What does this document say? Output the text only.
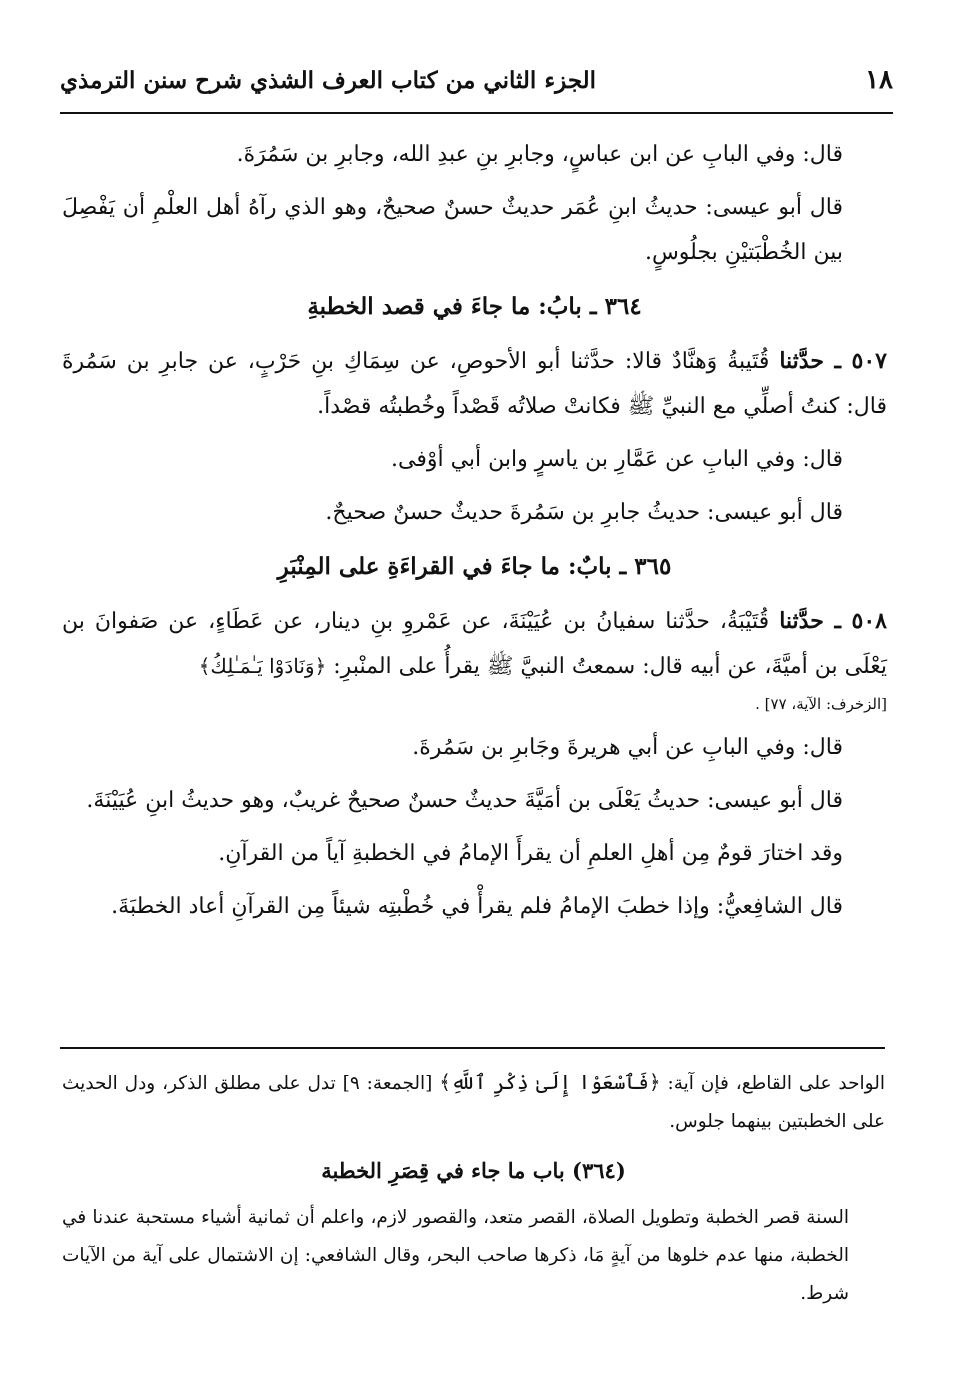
١٨
الجزء الثاني من كتاب العرف الشذي شرح سنن الترمذي

قال: وفي البابِ عن ابن عباسٍ، وجابرِ بنِ عبدِ الله، وجابرِ بن سَمُرَةَ.

قال أبو عيسى: حديثُ ابنِ عُمَر حديثٌ حسنٌ صحيحٌ، وهو الذي رآهُ أهل العلْمِ أن يَفْصِلَ بين الخُطْبَتيْنِ بجلُوسٍ.

٣٦٤ ـ بابُ: ما جاءَ في قصد الخطبةِ

٥٠٧ ـ حدَّثنا قُتَيبةُ وَهنَّادٌ قالا: حدَّثنا أبو الأحوصِ، عن سِمَاكِ بنِ حَرْبٍ، عن جابرِ بن سَمُرةَ قال: كنتُ أصلِّي مع النبيِّ ﷺ فكانتْ صلاتُه قَصْداً وخُطبتُه قصْداً.

قال: وفي البابِ عن عَمَّارِ بن ياسرٍ وابن أبي أوْفى.

قال أبو عيسى: حديثُ جابرِ بن سَمُرةَ حديثٌ حسنٌ صحيحٌ.

٣٦٥ ـ بابٌ: ما جاءَ في القراءَةِ على المِنْبَرِ

٥٠٨ ـ حدَّثنا قُتَيْبَةُ، حدَّثنا سفيانُ بن عُيَيْنَةَ، عن عَمْروِ بنِ دينار، عن عَطَاءٍ، عن صَفوانَ بن يَعْلَى بن أميَّةَ، عن أبيه قال: سمعتُ النبيَّ ﷺ يقرأُ على المنْبرِ: ﴿وَنَادَوْا يَـٰمَـٰلِكُ﴾

[الزخرف: الآية، ٧٧] .

قال: وفي البابِ عن أبي هريرةَ وجَابرِ بن سَمُرةَ.

قال أبو عيسى: حديثُ يَعْلَى بن أمَيَّةَ حديثٌ حسنٌ صحيحٌ غريبٌ، وهو حديثُ ابنِ عُيَيْنَةَ.

وقد اختارَ قومٌ مِن أهلِ العلمِ أن يقرأَ الإمامُ في الخطبةِ آياً من القرآنِ.

قال الشافِعيُّ: وإذا خطبَ الإمامُ فلم يقرأْ في خُطْبتِه شيئاً مِن القرآنِ أعاد الخطبَةَ.

الواحد على القاطع، فإن آية: ﴿فَٱسْعَوْا إِلَىٰ ذِكْرِ ٱللَّهِ﴾ [الجمعة: ٩] تدل على مطلق الذكر، ودل الحديث على الخطبتين بينهما جلوس.

(٣٦٤) باب ما جاء في قِصَرِ الخطبة

السنة قصر الخطبة وتطويل الصلاة، القصر متعد، والقصور لازم، واعلم أن ثمانية أشياء مستحبة عندنا في الخطبة، منها عدم خلوها من آيةٍ مَا، ذكرها صاحب البحر، وقال الشافعي: إن الاشتمال على آية من الآيات شرط.
